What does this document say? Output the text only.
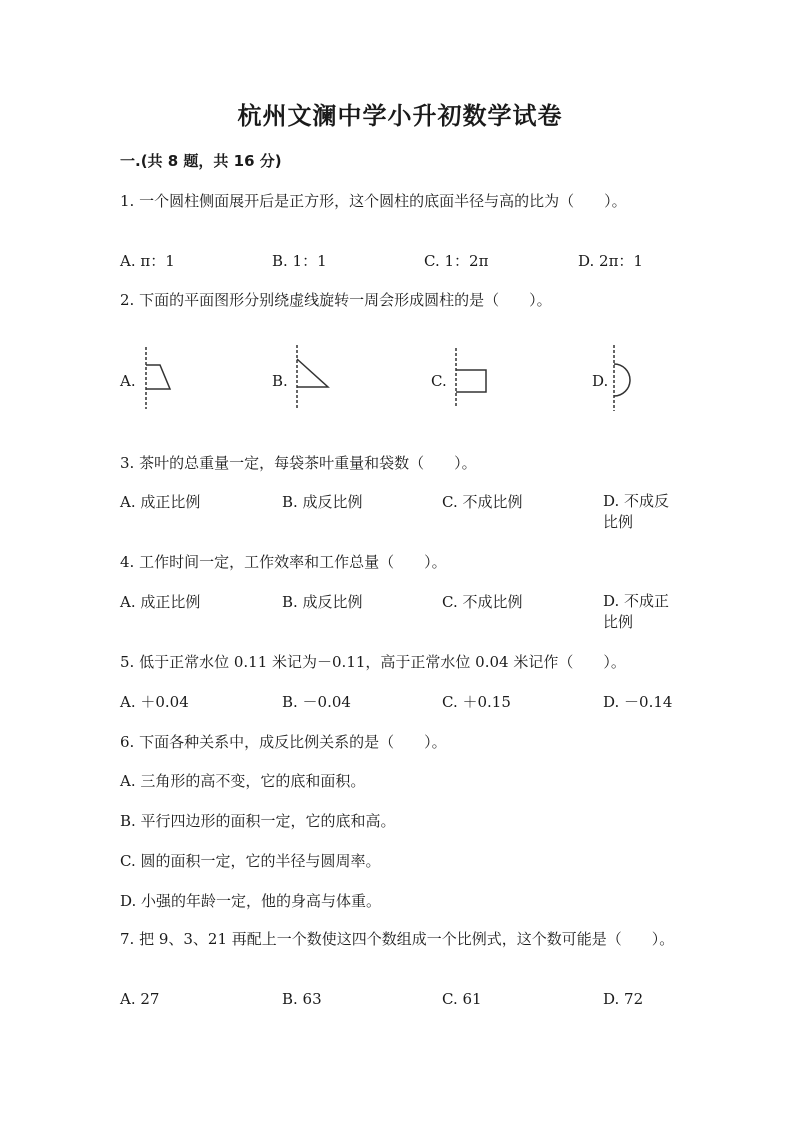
杭州文澜中学小升初数学试卷
一.(共 8 题，共 16 分)
1. 一个圆柱侧面展开后是正方形，这个圆柱的底面半径与高的比为（　　）。
A. π：1	B. 1：1	C. 1：2π	D. 2π：1
2. 下面的平面图形分别绕虚线旋转一周会形成圆柱的是（　　）。
A.	B.	C.	D.
3. 茶叶的总重量一定，每袋茶叶重量和袋数（　　）。
A. 成正比例	B. 成反比例	C. 不成比例	D. 不成反比例
4. 工作时间一定，工作效率和工作总量（　　）。
A. 成正比例	B. 成反比例	C. 不成比例	D. 不成正比例
5. 低于正常水位 0.11 米记为－0.11，高于正常水位 0.04 米记作（　　）。
A. ＋0.04	B. －0.04	C. ＋0.15	D. －0.14
6. 下面各种关系中，成反比例关系的是（　　）。
A. 三角形的高不变，它的底和面积。
B. 平行四边形的面积一定，它的底和高。
C. 圆的面积一定，它的半径与圆周率。
D. 小强的年龄一定，他的身高与体重。
7. 把 9、3、21 再配上一个数使这四个数组成一个比例式，这个数可能是（　　）。
A. 27	B. 63	C. 61	D. 72
